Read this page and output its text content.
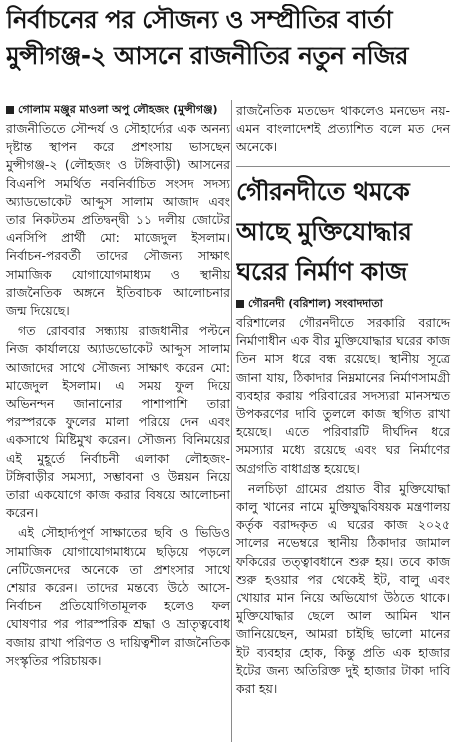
নির্বাচনের পর সৌজন্য ও সম্প্রীতির বার্তা
মুন্সীগঞ্জ-২ আসনে রাজনীতির নতুন নজির
গোলাম মঞ্জুর মাওলা অপু লৌহজং (মুন্সীগঞ্জ)

রাজনীতিতে সৌন্দর্য ও সৌহার্দ্যের এক অনন্য দৃষ্টান্ত স্থাপন করে প্রশংসায় ভাসছেন মুন্সীগঞ্জ-২ (লৌহজং ও টঙ্গিবাড়ী) আসনের বিএনপি সমর্থিত নবনির্বাচিত সংসদ সদস্য অ্যাডভোকেট আব্দুস সালাম আজাদ এবং তার নিকটতম প্রতিদ্বন্দ্বী ১১ দলীয় জোটের এনসিপি প্রার্থী মো: মাজেদুল ইসলাম। নির্বাচন-পরবর্তী তাদের সৌজন্য সাক্ষাৎ সামাজিক যোগাযোগমাধ্যম ও স্থানীয় রাজনৈতিক অঙ্গনে ইতিবাচক আলোচনার জন্ম দিয়েছে।

গত রোববার সন্ধ্যায় রাজধানীর পল্টনে নিজ কার্যালয়ে অ্যাডভোকেট আব্দুস সালাম আজাদের সাথে সৌজন্য সাক্ষাৎ করেন মো: মাজেদুল ইসলাম। এ সময় ফুল দিয়ে অভিনন্দন জানানোর পাশাপাশি তারা পরস্পরকে ফুলের মালা পরিয়ে দেন এবং একসাথে মিষ্টিমুখ করেন। সৌজন্য বিনিময়ের এই মুহূর্তে নির্বাচনী এলাকা লৌহজং-টঙ্গিবাড়ীর সমস্যা, সম্ভাবনা ও উন্নয়ন নিয়ে তারা একযোগে কাজ করার বিষয়ে আলোচনা করেন।

এই সৌহার্দ্যপূর্ণ সাক্ষাতের ছবি ও ভিডিও সামাজিক যোগাযোগমাধ্যমে ছড়িয়ে পড়লে নেটিজেনদের অনেকে তা প্রশংসার সাথে শেয়ার করেন। তাদের মন্তব্যে উঠে আসে- নির্বাচন প্রতিযোগিতামূলক হলেও ফল ঘোষণার পর পারস্পরিক শ্রদ্ধা ও ভ্রাতৃত্ববোধ বজায় রাখা পরিণত ও দায়িত্বশীল রাজনৈতিক সংস্কৃতির পরিচায়ক।

রাজনৈতিক মতভেদ থাকলেও মনভেদ নয়- এমন বাংলাদেশই প্রত্যাশিত বলে মত দেন অনেকে।

গৌরনদীতে থমকে
আছে মুক্তিযোদ্ধার
ঘরের নির্মাণ কাজ
গৌরনদী (বরিশাল) সংবাদদাতা

বরিশালের গৌরনদীতে সরকারি বরাদ্দে নির্মাণাধীন এক বীর মুক্তিযোদ্ধার ঘরের কাজ তিন মাস ধরে বন্ধ রয়েছে। স্থানীয় সূত্রে জানা যায়, ঠিকাদার নিম্নমানের নির্মাণসামগ্রী ব্যবহার করায় পরিবারের সদস্যরা মানসম্মত উপকরণের দাবি তুললে কাজ স্থগিত রাখা হয়েছে। এতে পরিবারটি দীর্ঘদিন ধরে সমস্যার মধ্যে রয়েছে এবং ঘর নির্মাণের অগ্রগতি বাধাগ্রস্ত হয়েছে।

নলচিড়া গ্রামের প্রয়াত বীর মুক্তিযোদ্ধা কালু খানের নামে মুক্তিযুদ্ধবিষয়ক মন্ত্রণালয় কর্তৃক বরাদ্দকৃত এ ঘরের কাজ ২০২৫ সালের নভেম্বরে স্থানীয় ঠিকাদার জামাল ফকিরের তত্ত্বাবধানে শুরু হয়। তবে কাজ শুরু হওয়ার পর থেকেই ইট, বালু এবং খোয়ার মান নিয়ে অভিযোগ উঠতে থাকে। মুক্তিযোদ্ধার ছেলে আল আমিন খান জানিয়েছেন, আমরা চাইছি ভালো মানের ইট ব্যবহার হোক, কিন্তু প্রতি এক হাজার ইটের জন্য অতিরিক্ত দুই হাজার টাকা দাবি করা হয়।
